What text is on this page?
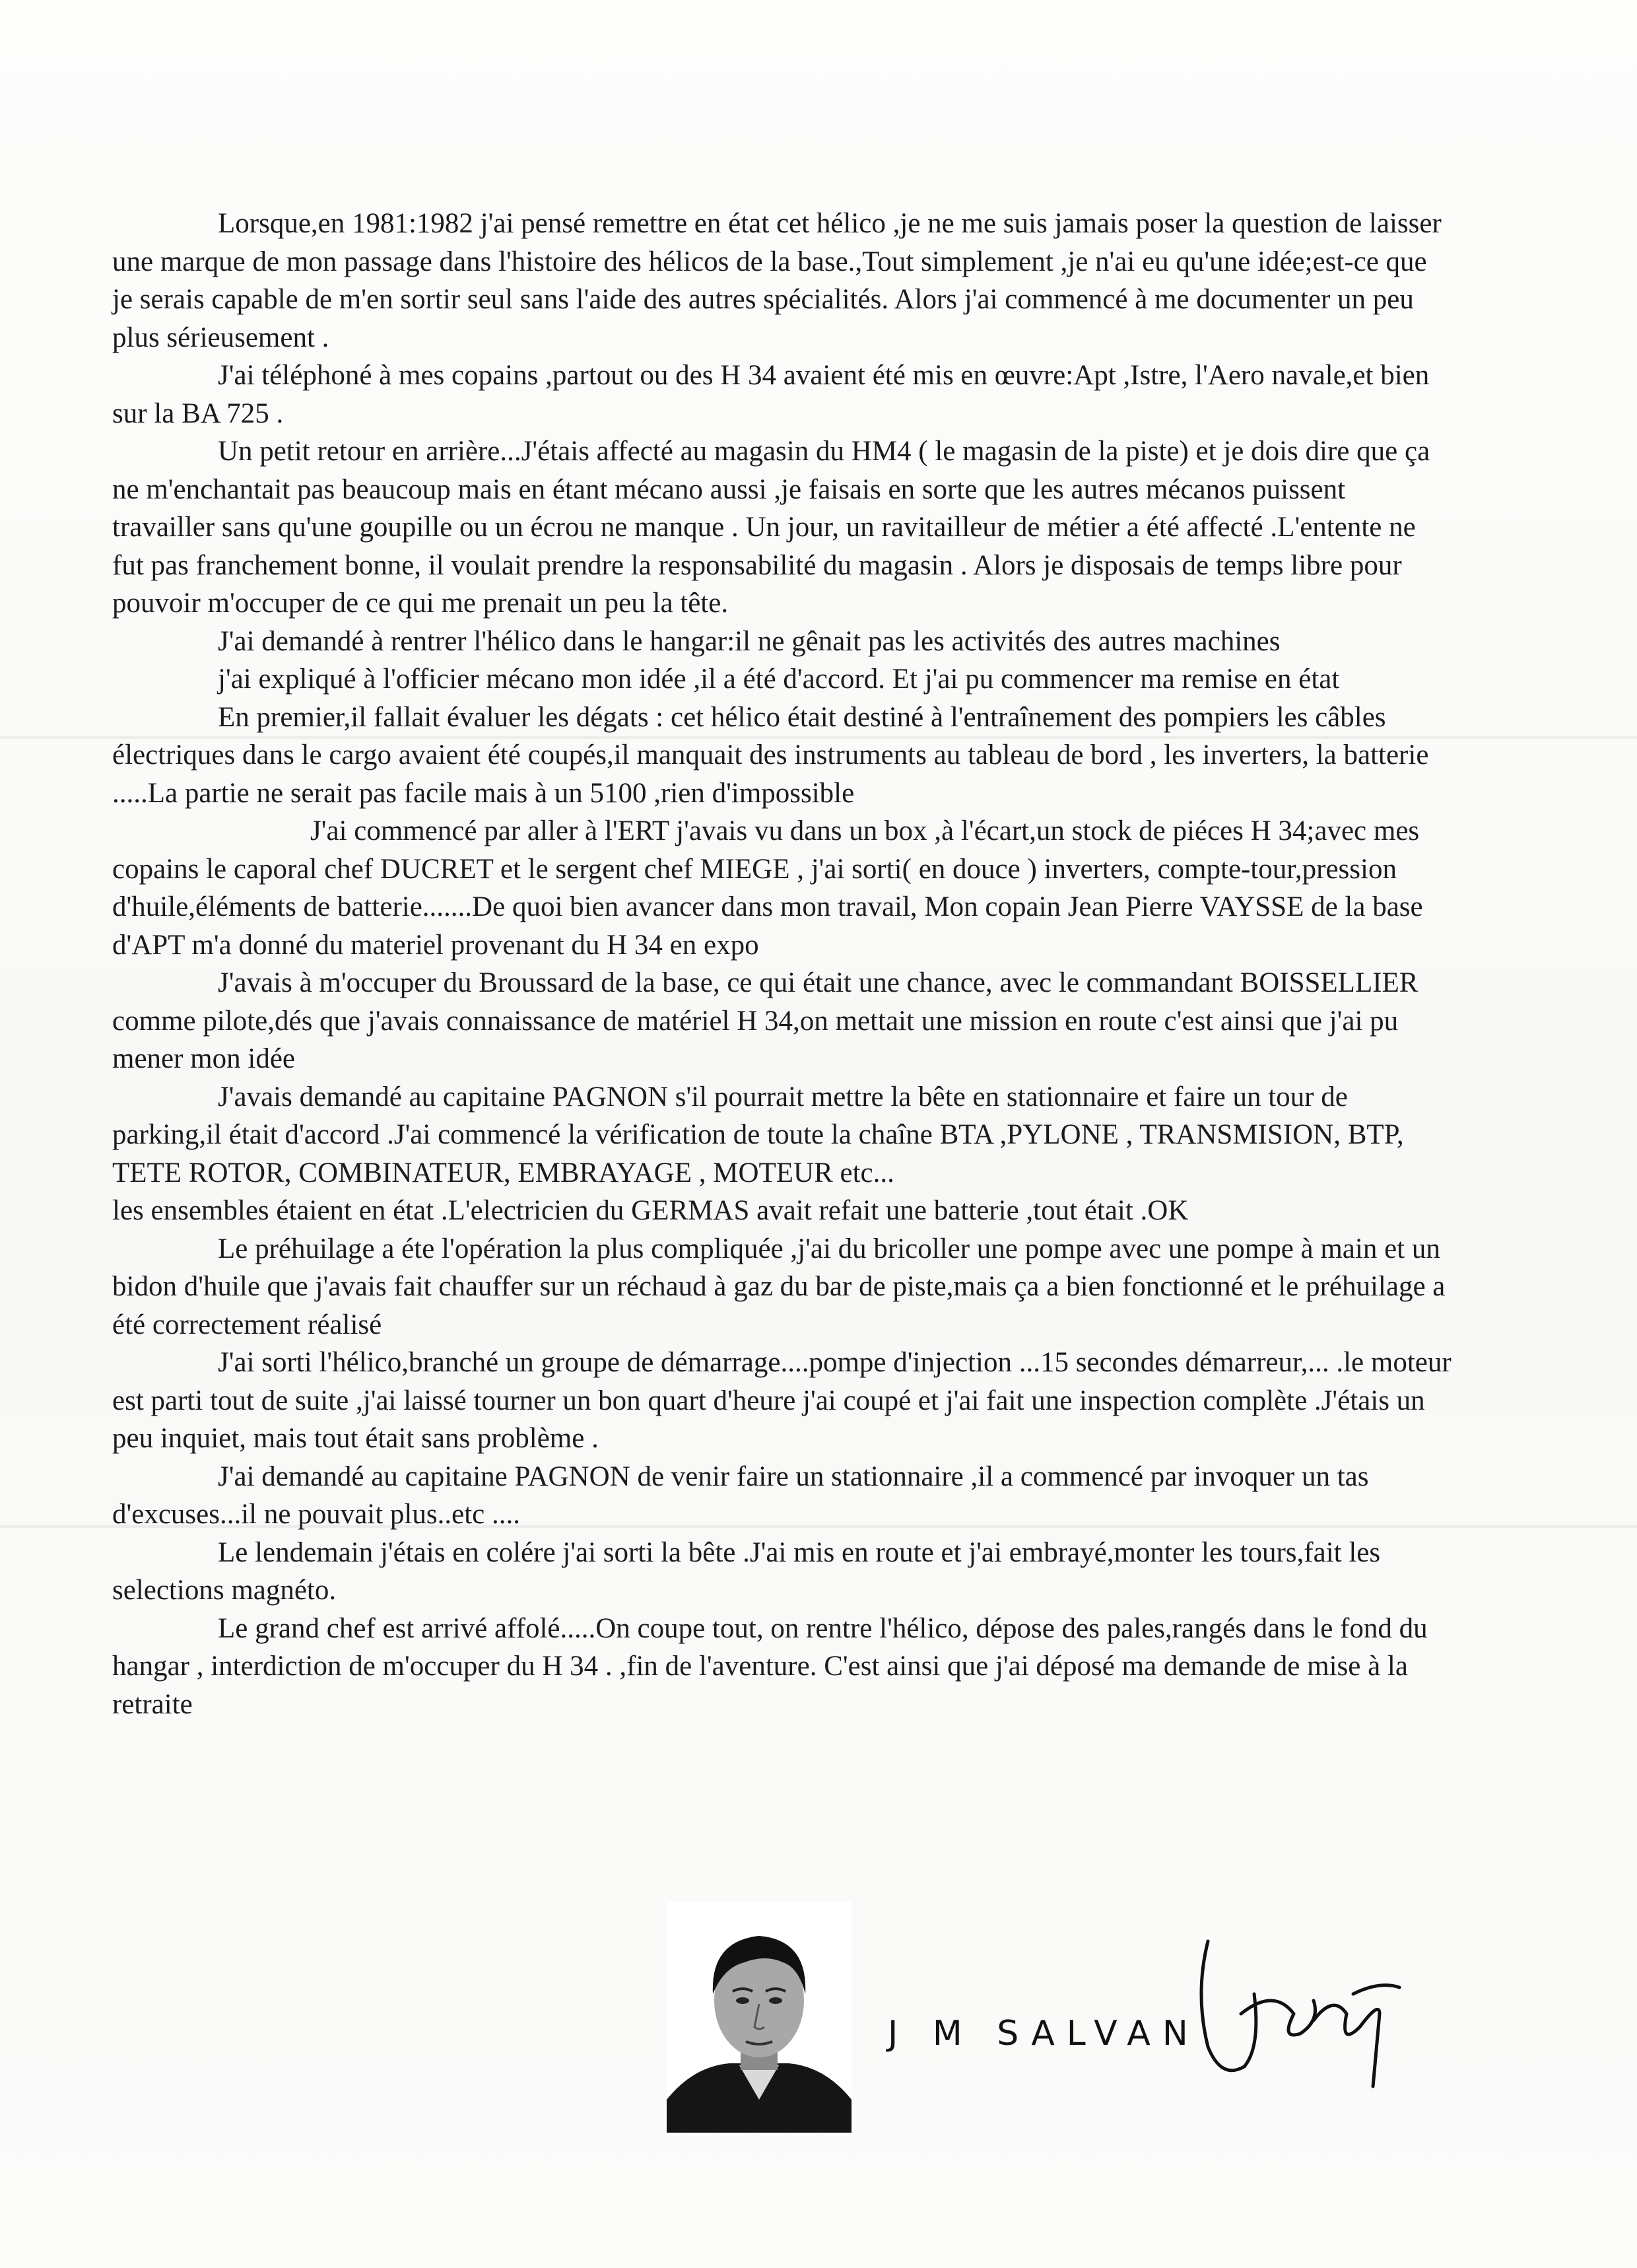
Lorsque,en 1981:1982 j'ai pensé remettre en état cet hélico ,je ne me suis jamais poser la question de laisser une marque de mon passage dans l'histoire des hélicos de la base.,Tout simplement ,je n'ai eu qu'une idée;est-ce que je serais capable de m'en sortir seul sans l'aide des autres spécialités. Alors j'ai commencé à me documenter un peu plus sérieusement .

J'ai téléphoné à mes copains ,partout ou des H 34 avaient été mis en œuvre:Apt ,Istre, l'Aero navale,et bien sur la BA 725 .

Un petit retour en arrière...J'étais affecté au magasin du HM4 ( le magasin de la piste) et je dois dire que ça ne m'enchantait pas beaucoup mais en étant mécano aussi ,je faisais en sorte que les autres mécanos puissent travailler sans qu'une goupille ou un écrou ne manque . Un jour, un ravitailleur de métier a été affecté .L'entente ne fut pas franchement bonne, il voulait prendre la responsabilité du magasin . Alors je disposais de temps libre pour pouvoir m'occuper de ce qui me prenait un peu la tête.

J'ai demandé à rentrer l'hélico dans le hangar:il ne gênait pas les activités des autres machines

j'ai expliqué à l'officier mécano mon idée ,il a été d'accord. Et j'ai pu commencer ma remise en état

En premier,il fallait évaluer les dégats : cet hélico était destiné à l'entraînement des pompiers les câbles électriques dans le cargo avaient été coupés,il manquait des instruments au tableau de bord , les inverters, la batterie .....La partie ne serait pas facile mais à un 5100 ,rien d'impossible

J'ai commencé par aller à l'ERT j'avais vu dans un box ,à l'écart,un stock de piéces H 34;avec mes copains le caporal chef DUCRET et le sergent chef MIEGE , j'ai sorti( en douce ) inverters, compte-tour,pression d'huile,éléments de batterie.......De quoi bien avancer dans mon travail, Mon copain Jean Pierre VAYSSE de la base d'APT m'a donné du materiel provenant du H 34 en expo

J'avais à m'occuper du Broussard de la base, ce qui était une chance, avec le commandant BOISSELLIER comme pilote,dés que j'avais connaissance de matériel H 34,on mettait une mission en route c'est ainsi que j'ai pu mener mon idée

J'avais demandé au capitaine PAGNON s'il pourrait mettre la bête en stationnaire et faire un tour de parking,il était d'accord .J'ai commencé la vérification de toute la chaîne BTA ,PYLONE , TRANSMISION, BTP, TETE ROTOR, COMBINATEUR, EMBRAYAGE , MOTEUR etc...

les ensembles étaient en état .L'electricien du GERMAS avait refait une batterie ,tout était .OK

Le préhuilage a éte l'opération la plus compliquée ,j'ai du bricoller une pompe avec une pompe à main et un bidon d'huile que j'avais fait chauffer sur un réchaud à gaz du bar de piste,mais ça a bien fonctionné et le préhuilage a été correctement réalisé

J'ai sorti l'hélico,branché un groupe de démarrage....pompe d'injection ...15 secondes démarreur,... .le moteur est parti tout de suite ,j'ai laissé tourner un bon quart d'heure j'ai coupé et j'ai fait une inspection complète .J'étais un peu inquiet, mais tout était sans problème .

J'ai demandé au capitaine PAGNON de venir faire un stationnaire ,il a commencé par invoquer un tas d'excuses...il ne pouvait plus..etc ....

Le lendemain j'étais en colére j'ai sorti la bête .J'ai mis en route et j'ai embrayé,monter les tours,fait les selections magnéto.

Le grand chef est arrivé affolé.....On coupe tout, on rentre l'hélico, dépose des pales,rangés dans le fond du hangar , interdiction de m'occuper du H 34 . ,fin de l'aventure. C'est ainsi que j'ai déposé ma demande de mise à la retraite

J M SALVAN
